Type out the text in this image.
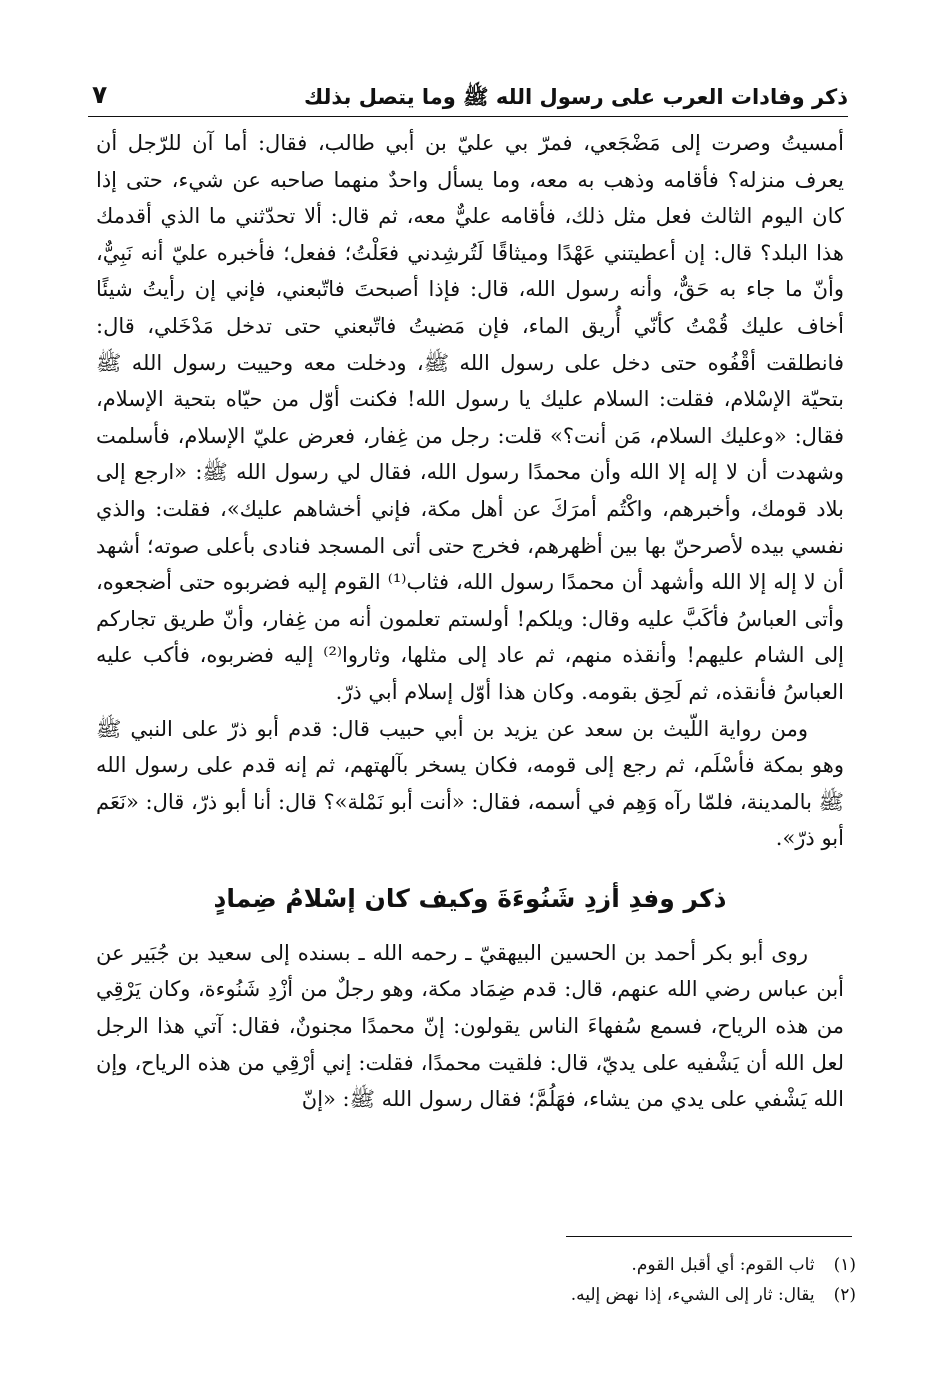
ذكر وفادات العرب على رسول الله ﷺ وما يتصل بذلك
٧

أمسيتُ وصرت إلى مَضْجَعي، فمرّ بي عليّ بن أبي طالب، فقال: أما آن للرّجل أن يعرف منزله؟ فأقامه وذهب به معه، وما يسأل واحدٌ منهما صاحبه عن شيء، حتى إذا كان اليوم الثالث فعل مثل ذلك، فأقامه عليٌّ معه، ثم قال: ألا تحدّثني ما الذي أقدمك هذا البلد؟ قال: إن أعطيتني عَهْدًا وميثاقًا لَتُرشِدني فعَلْتُ؛ ففعل؛ فأخبره عليّ أنه نَبِيٌّ، وأنّ ما جاء به حَقٌّ، وأنه رسول الله، قال: فإذا أصبحتَ فاتّبعني، فإني إن رأيتُ شيئًا أخاف عليك قُمْتُ كأنّي أُريق الماء، فإن مَضيتُ فاتّبعني حتى تدخل مَدْخَلي، قال: فانطلقت أقْفُوه حتى دخل على رسول الله ﷺ، ودخلت معه وحييت رسول الله ﷺ بتحيّة الإسْلام، فقلت: السلام عليك يا رسول الله! فكنت أوّل من حيّاه بتحية الإسلام، فقال: «وعليك السلام، مَن أنت؟» قلت: رجل من غِفار، فعرض عليّ الإسلام، فأسلمت وشهدت أن لا إله إلا الله وأن محمدًا رسول الله، فقال لي رسول الله ﷺ: «ارجع إلى بلاد قومك، وأخبرهم، واكْتُم أمرَكَ عن أهل مكة، فإني أخشاهم عليك»، فقلت: والذي نفسي بيده لأصرحنّ بها بين أظهرهم، فخرج حتى أتى المسجد فنادى بأعلى صوته؛ أشهد أن لا إله إلا الله وأشهد أن محمدًا رسول الله، فثاب⁽¹⁾ القوم إليه فضربوه حتى أضجعوه، وأتى العباسُ فأكَبَّ عليه وقال: ويلكم! أولستم تعلمون أنه من غِفار، وأنّ طريق تجاركم إلى الشام عليهم! وأنقذه منهم، ثم عاد إلى مثلها، وثاروا⁽²⁾ إليه فضربوه، فأكب عليه العباسُ فأنقذه، ثم لَحِق بقومه. وكان هذا أوّل إسلام أبي ذرّ.

ومن رواية اللّيث بن سعد عن يزيد بن أبي حبيب قال: قدم أبو ذرّ على النبي ﷺ وهو بمكة فأسْلَم، ثم رجع إلى قومه، فكان يسخر بآلهتهم، ثم إنه قدم على رسول الله ﷺ بالمدينة، فلمّا رآه وَهِم في أسمه، فقال: «أنت أبو نَمْلة»؟ قال: أنا أبو ذرّ، قال: «نَعَم أبو ذرّ».

ذكر وفدِ أزدِ شَنُوءَةَ وكيف كان إسْلامُ ضِمادٍ

روى أبو بكر أحمد بن الحسين البيهقيّ ـ رحمه الله ـ بسنده إلى سعيد بن جُبَير عن أبن عباس رضي الله عنهم، قال: قدم ضِمَاد مكة، وهو رجلٌ من أزْدِ شَنُوءة، وكان يَرْقِي من هذه الرياح، فسمع سُفهاءَ الناس يقولون: إنّ محمدًا مجنونٌ، فقال: آتي هذا الرجل لعل الله أن يَشْفيه على يديّ، قال: فلقيت محمدًا، فقلت: إني أرْقِي من هذه الرياح، وإن الله يَشْفي على يدي من يشاء، فهَلُمَّ؛ فقال رسول الله ﷺ: «إنّ

(١) ثاب القوم: أي أقبل القوم.

(٢) يقال: ثار إلى الشيء، إذا نهض إليه.
